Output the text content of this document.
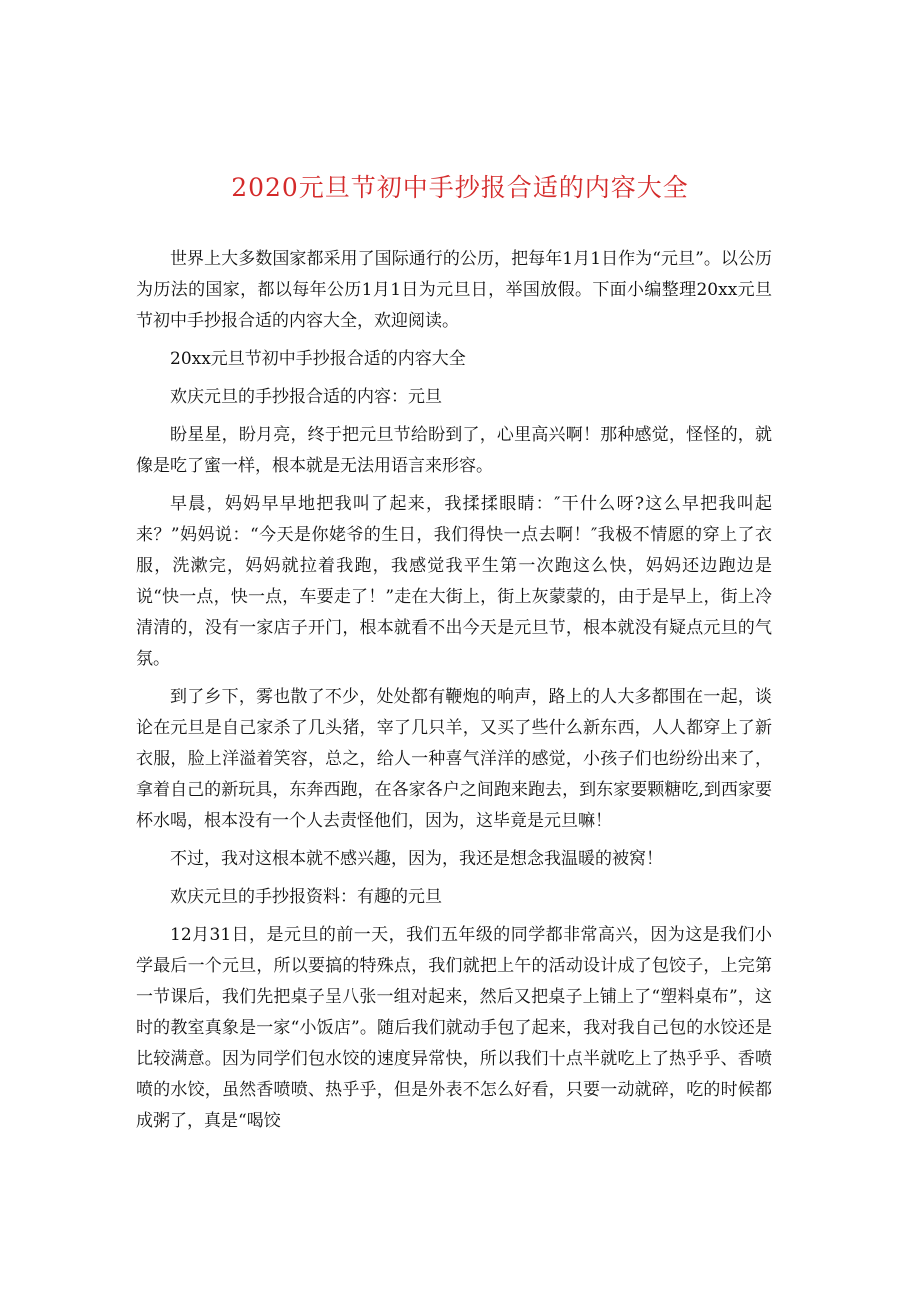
2020元旦节初中手抄报合适的内容大全

世界上大多数国家都采用了国际通行的公历，把每年1月1日作为“元旦”。以公历为历法的国家，都以每年公历1月1日为元旦日，举国放假。下面小编整理20xx元旦节初中手抄报合适的内容大全，欢迎阅读。

20xx元旦节初中手抄报合适的内容大全

欢庆元旦的手抄报合适的内容：元旦

盼星星，盼月亮，终于把元旦节给盼到了，心里高兴啊！那种感觉，怪怪的，就像是吃了蜜一样，根本就是无法用语言来形容。

早晨，妈妈早早地把我叫了起来，我揉揉眼睛：″干什么呀?这么早把我叫起来？”妈妈说：“今天是你姥爷的生日，我们得快一点去啊！″我极不情愿的穿上了衣服，洗漱完，妈妈就拉着我跑，我感觉我平生第一次跑这么快，妈妈还边跑边是说“快一点，快一点，车要走了！”走在大街上，街上灰蒙蒙的，由于是早上，街上冷清清的，没有一家店子开门，根本就看不出今天是元旦节，根本就没有疑点元旦的气氛。

到了乡下，雾也散了不少，处处都有鞭炮的响声，路上的人大多都围在一起，谈论在元旦是自己家杀了几头猪，宰了几只羊，又买了些什么新东西，人人都穿上了新衣服，脸上洋溢着笑容，总之，给人一种喜气洋洋的感觉，小孩子们也纷纷出来了，拿着自己的新玩具，东奔西跑，在各家各户之间跑来跑去，到东家要颗糖吃,到西家要杯水喝，根本没有一个人去责怪他们，因为，这毕竟是元旦嘛！

不过，我对这根本就不感兴趣，因为，我还是想念我温暖的被窝！

欢庆元旦的手抄报资料：有趣的元旦

12月31日，是元旦的前一天，我们五年级的同学都非常高兴，因为这是我们小学最后一个元旦，所以要搞的特殊点，我们就把上午的活动设计成了包饺子，上完第一节课后，我们先把桌子呈八张一组对起来，然后又把桌子上铺上了“塑料桌布”，这时的教室真象是一家“小饭店”。随后我们就动手包了起来，我对我自己包的水饺还是比较满意。因为同学们包水饺的速度异常快，所以我们十点半就吃上了热乎乎、香喷喷的水饺，虽然香喷喷、热乎乎，但是外表不怎么好看，只要一动就碎，吃的时候都成粥了，真是“喝饺
